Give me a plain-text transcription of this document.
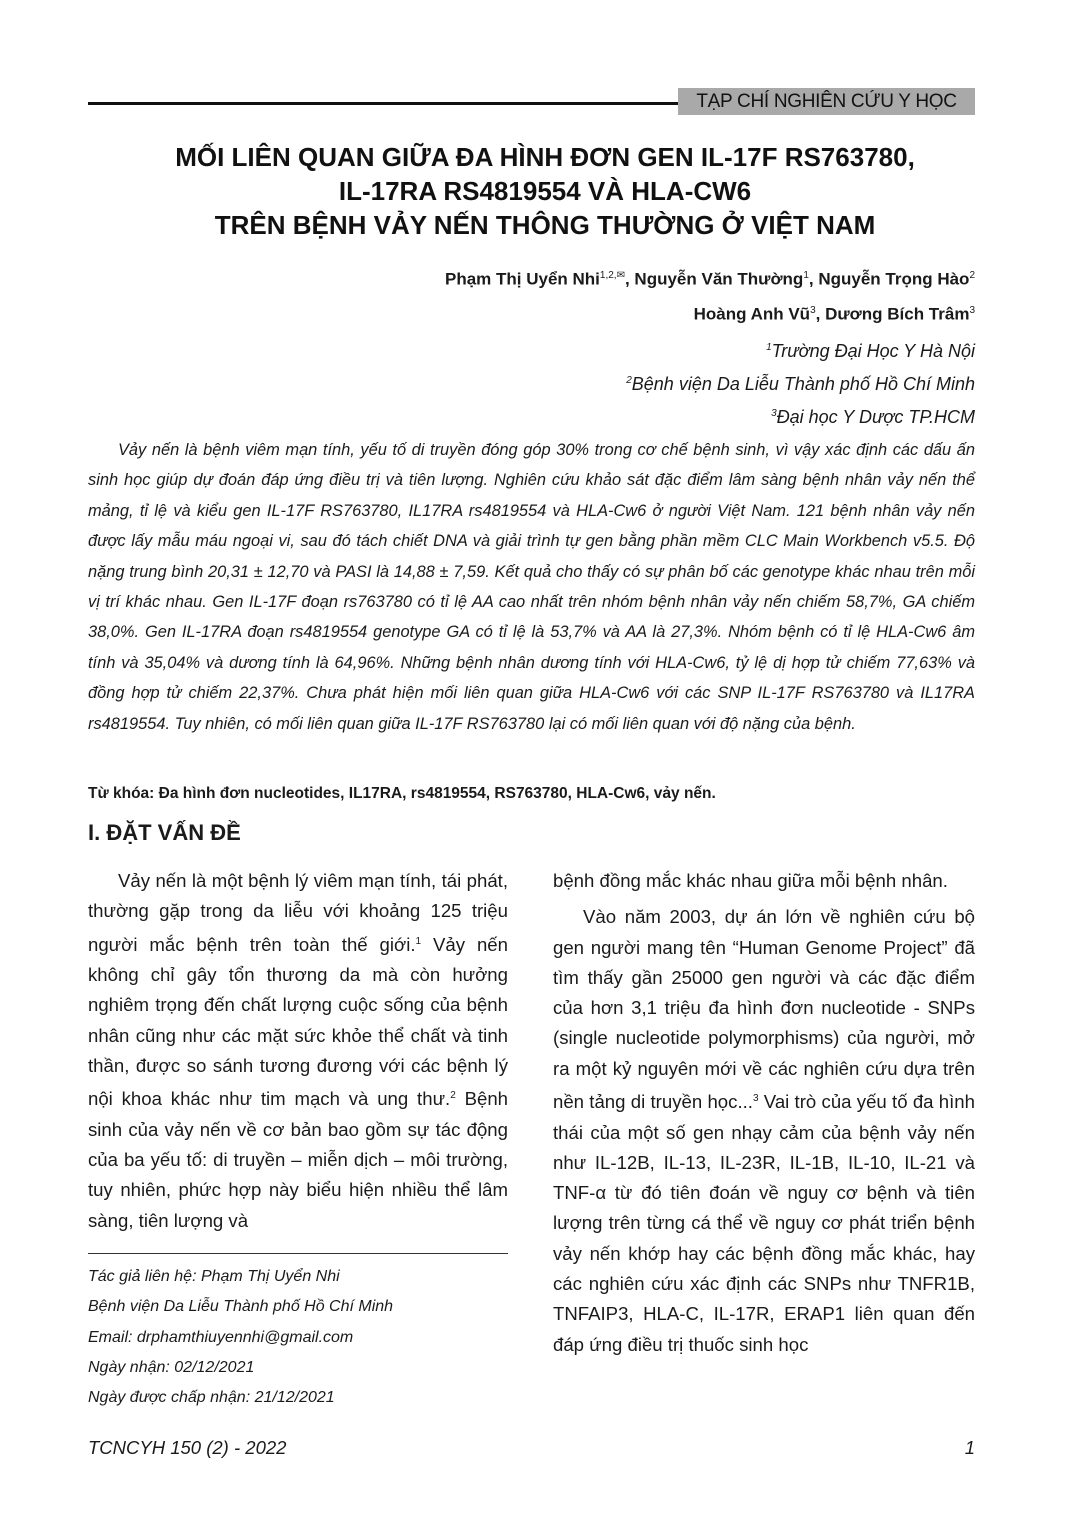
TẠP CHÍ NGHIÊN CỨU Y HỌC
MỐI LIÊN QUAN GIỮA ĐA HÌNH ĐƠN GEN IL-17F RS763780,
IL-17RA RS4819554 VÀ HLA-CW6
TRÊN BỆNH VẢY NẾN THÔNG THƯỜNG Ở VIỆT NAM
Phạm Thị Uyển Nhi$^{1,2,✉}$, Nguyễn Văn Thường$^1$, Nguyễn Trọng Hào$^2$
Hoàng Anh $Vũ^3$, Dương Bích Trâm$^3$
$^1$Trường Đại Học Y Hà Nội
$^2$Bệnh viện Da Liễu Thành phố Hồ Chí Minh
$^3$Đại học Y Dược TP.HCM
Vảy nến là bệnh viêm mạn tính, yếu tố di truyền đóng góp 30% trong cơ chế bệnh sinh, vì vậy xác định các dấu ấn sinh học giúp dự đoán đáp ứng điều trị và tiên lượng. Nghiên cứu khảo sát đặc điểm lâm sàng bệnh nhân vảy nến thể mảng, tỉ lệ và kiểu gen IL-17F RS763780, IL17RA rs4819554 và HLA-Cw6 ở người Việt Nam. 121 bệnh nhân vảy nến được lấy mẫu máu ngoại vi, sau đó tách chiết DNA và giải trình tự gen bằng phần mềm CLC Main Workbench v5.5. Độ nặng trung bình 20,31 ± 12,70 và PASI là 14,88 ± 7,59. Kết quả cho thấy có sự phân bố các genotype khác nhau trên mỗi vị trí khác nhau. Gen IL-17F đoạn rs763780 có tỉ lệ AA cao nhất trên nhóm bệnh nhân vảy nến chiếm 58,7%, GA chiếm 38,0%. Gen IL-17RA đoạn rs4819554 genotype GA có tỉ lệ là 53,7% và AA là 27,3%. Nhóm bệnh có tỉ lệ HLA-Cw6 âm tính và 35,04% và dương tính là 64,96%. Những bệnh nhân dương tính với HLA-Cw6, tỷ lệ dị hợp tử chiếm 77,63% và đồng hợp tử chiếm 22,37%. Chưa phát hiện mối liên quan giữa HLA-Cw6 với các SNP IL-17F RS763780 và IL17RA rs4819554. Tuy nhiên, có mối liên quan giữa IL-17F RS763780 lại có mối liên quan với độ nặng của bệnh.
Từ khóa: Đa hình đơn nucleotides, IL17RA, rs4819554, RS763780, HLA-Cw6, vảy nến.
I. ĐẶT VẤN ĐỀ

Vảy nến là một bệnh lý viêm mạn tính, tái phát, thường gặp trong da liễu với khoảng 125 triệu người mắc bệnh trên toàn thế giới.$^1$ Vảy nến không chỉ gây tổn thương da mà còn hưởng nghiêm trọng đến chất lượng cuộc sống của bệnh nhân cũng như các mặt sức khỏe thể chất và tinh thần, được so sánh tương đương với các bệnh lý nội khoa khác như tim mạch và ung thư.$^2$ Bệnh sinh của vảy nến về cơ bản bao gồm sự tác động của ba yếu tố: di truyền – miễn dịch – môi trường, tuy nhiên, phức hợp này biểu hiện nhiều thể lâm sàng, tiên lượng và

bệnh đồng mắc khác nhau giữa mỗi bệnh nhân.

Vào năm 2003, dự án lớn về nghiên cứu bộ gen người mang tên “Human Genome Project” đã tìm thấy gần 25000 gen người và các đặc điểm của hơn 3,1 triệu đa hình đơn nucleotide - SNPs (single nucleotide polymorphisms) của người, mở ra một kỷ nguyên mới về các nghiên cứu dựa trên nền tảng di truyền học...$^3$ Vai trò của yếu tố đa hình thái của một số gen nhạy cảm của bệnh vảy nến như IL-12B, IL-13, IL-23R, IL-1B, IL-10, IL-21 và TNF-α từ đó tiên đoán về nguy cơ bệnh và tiên lượng trên từng cá thể về nguy cơ phát triển bệnh vảy nến khớp hay các bệnh đồng mắc khác, hay các nghiên cứu xác định các SNPs như TNFR1B, TNFAIP3, HLA-C, IL-17R, ERAP1 liên quan đến đáp ứng điều trị thuốc sinh học

Tác giả liên hệ: Phạm Thị Uyển Nhi
Bệnh viện Da Liễu Thành phố Hồ Chí Minh
Email: drphamthiuyennhi@gmail.com
Ngày nhận: 02/12/2021
Ngày được chấp nhận: 21/12/2021
TCNCYH 150 (2) - 2022	1
